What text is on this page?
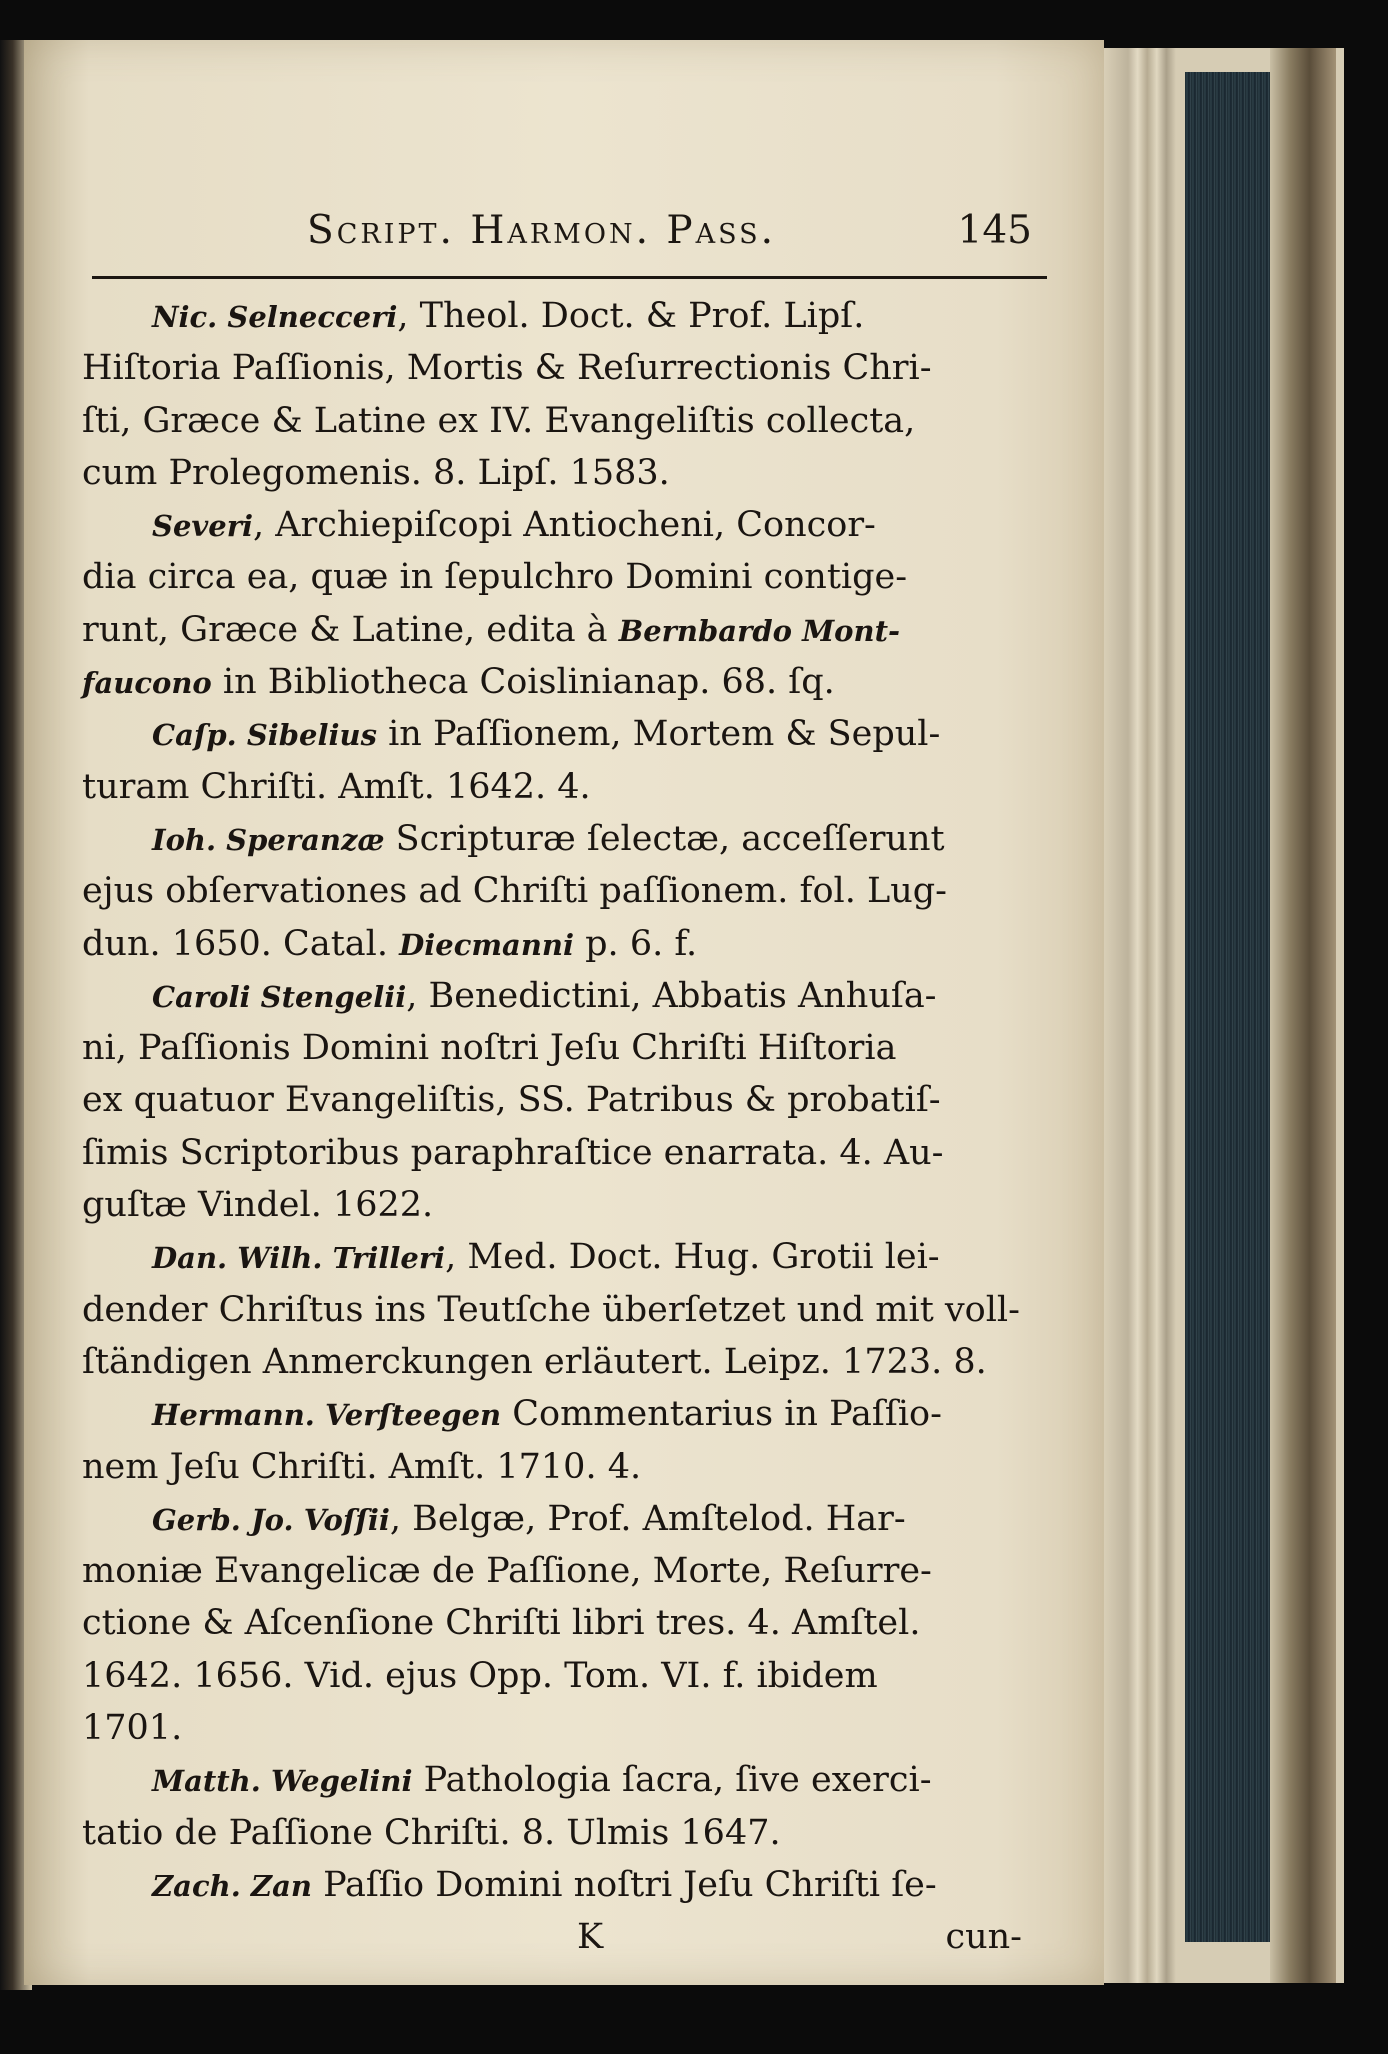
Script. Harmon. Pass.	145
Nic. Selnecceri, Theol. Doct. & Prof. Lipſ.
Hiſtoria Paſſionis, Mortis & Reſurrectionis Chri-
ſti, Græce & Latine ex IV. Evangeliſtis collecta,
cum Prolegomenis. 8. Lipſ. 1583.
Severi, Archiepiſcopi Antiocheni, Concor-
dia circa ea, quæ in ſepulchro Domini contige-
runt, Græce & Latine, edita à Bernbardo Mont-
faucono in Bibliotheca Coislinianap. 68. ſq.
Caſp. Sibelius in Paſſionem, Mortem & Sepul-
turam Chriſti. Amſt. 1642. 4.
Ioh. Speranzæ Scripturæ ſelectæ, acceſſerunt
ejus obſervationes ad Chriſti paſſionem. fol. Lug-
dun. 1650. Catal. Diecmanni p. 6. f.
Caroli Stengelii, Benedictini, Abbatis Anhuſa-
ni, Paſſionis Domini noſtri Jeſu Chriſti Hiſtoria
ex quatuor Evangeliſtis, SS. Patribus & probatiſ-
ſimis Scriptoribus paraphraſtice enarrata. 4. Au-
guſtæ Vindel. 1622.
Dan. Wilh. Trilleri, Med. Doct. Hug. Grotii lei-
dender Chriſtus ins Teutſche überſetzet und mit voll-
ſtändigen Anmerckungen erläutert. Leipz. 1723. 8.
Hermann. Verſteegen Commentarius in Paſſio-
nem Jeſu Chriſti. Amſt. 1710. 4.
Gerb. Jo. Voſſii, Belgæ, Prof. Amſtelod. Har-
moniæ Evangelicæ de Paſſione, Morte, Reſurre-
ctione & Aſcenſione Chriſti libri tres. 4. Amſtel.
1642. 1656. Vid. ejus Opp. Tom. VI. f. ibidem
1701.
Matth. Wegelini Pathologia ſacra, ſive exerci-
tatio de Paſſione Chriſti. 8. Ulmis 1647.
Zach. Zan Paſſio Domini noſtri Jeſu Chriſti ſe-
K	cun-
